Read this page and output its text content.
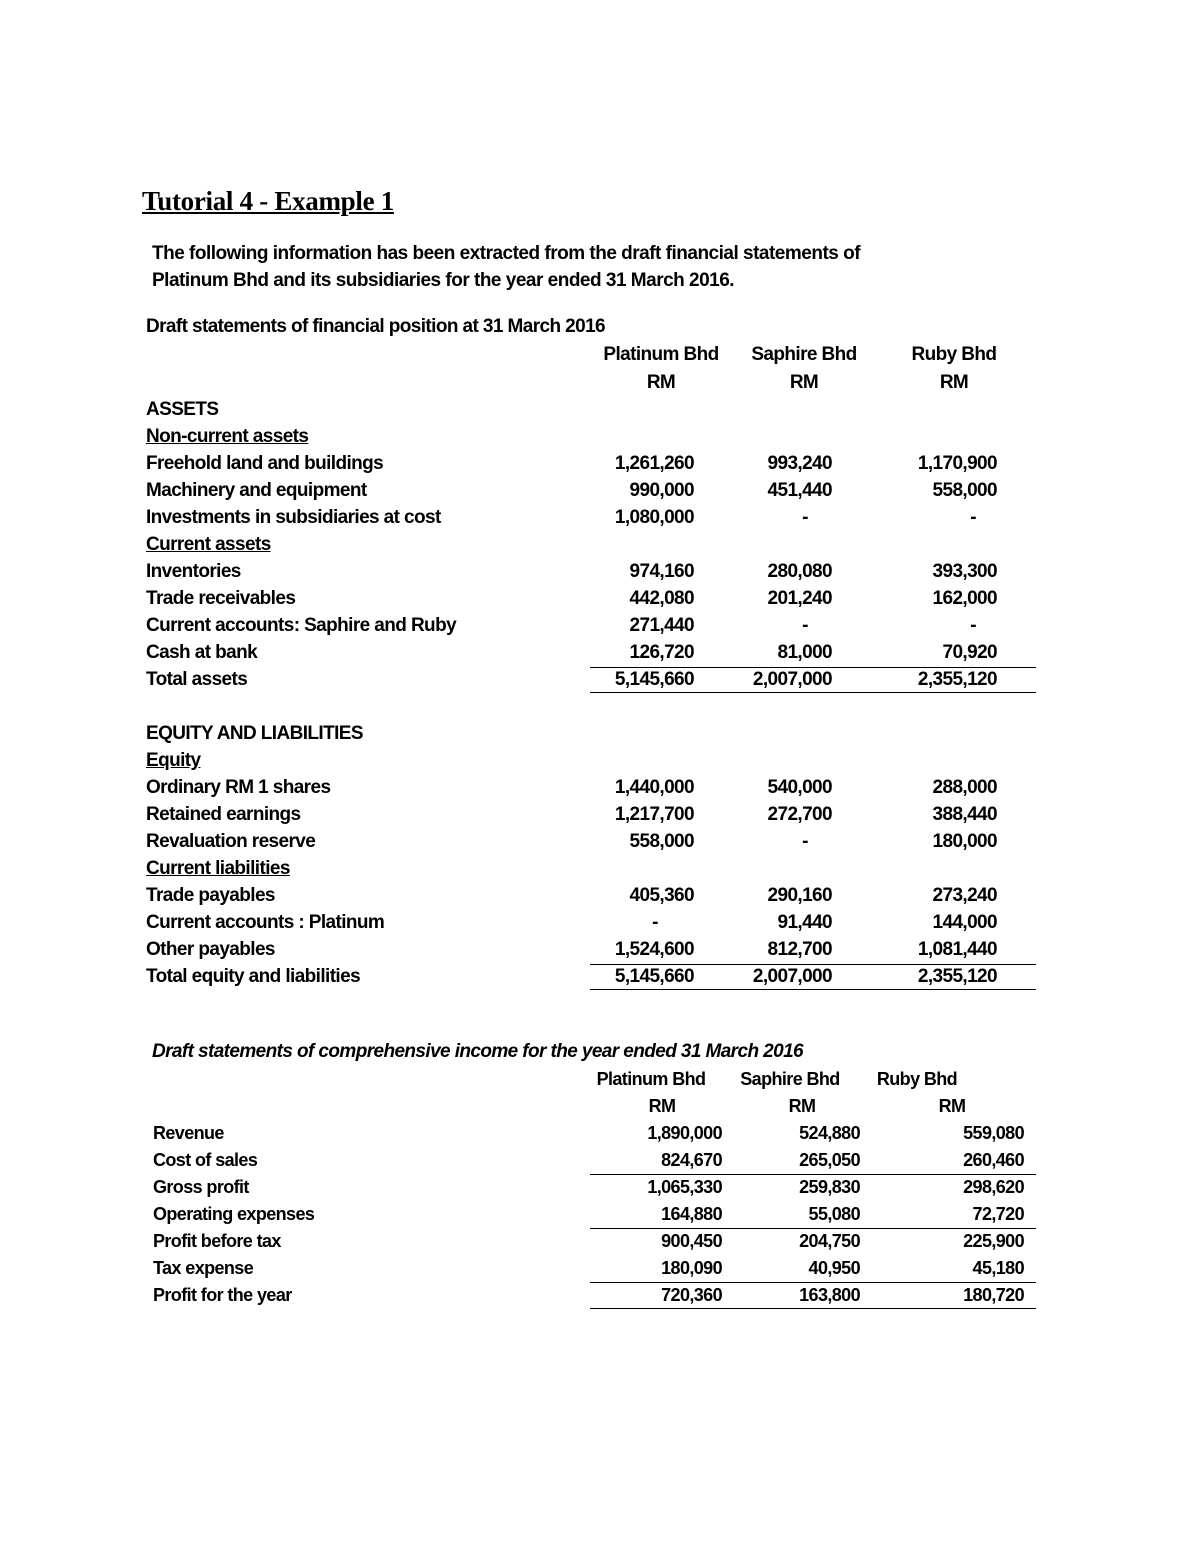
Tutorial 4 - Example 1
The following information has been extracted from the draft financial statements of
Platinum Bhd and its subsidiaries for the year ended 31 March 2016.
Draft statements of financial position at 31 March 2016
Platinum Bhd	Saphire Bhd	Ruby Bhd
RM	RM	RM
ASSETS
Non-current assets
Freehold land and buildings	1,261,260	993,240	1,170,900
Machinery and equipment	990,000	451,440	558,000
Investments in subsidiaries at cost	1,080,000	-	-
Current assets
Inventories	974,160	280,080	393,300
Trade receivables	442,080	201,240	162,000
Current accounts: Saphire and Ruby	271,440	-	-
Cash at bank	126,720	81,000	70,920
Total assets	5,145,660	2,007,000	2,355,120
EQUITY AND LIABILITIES
Equity
Ordinary RM 1 shares	1,440,000	540,000	288,000
Retained earnings	1,217,700	272,700	388,440
Revaluation reserve	558,000	-	180,000
Current liabilities
Trade payables	405,360	290,160	273,240
Current accounts : Platinum	-	91,440	144,000
Other payables	1,524,600	812,700	1,081,440
Total equity and liabilities	5,145,660	2,007,000	2,355,120
Draft statements of comprehensive income for the year ended 31 March 2016
Platinum Bhd	Saphire Bhd	Ruby Bhd
RM	RM	RM
Revenue	1,890,000	524,880	559,080
Cost of sales	824,670	265,050	260,460
Gross profit	1,065,330	259,830	298,620
Operating expenses	164,880	55,080	72,720
Profit before tax	900,450	204,750	225,900
Tax expense	180,090	40,950	45,180
Profit for the year	720,360	163,800	180,720
